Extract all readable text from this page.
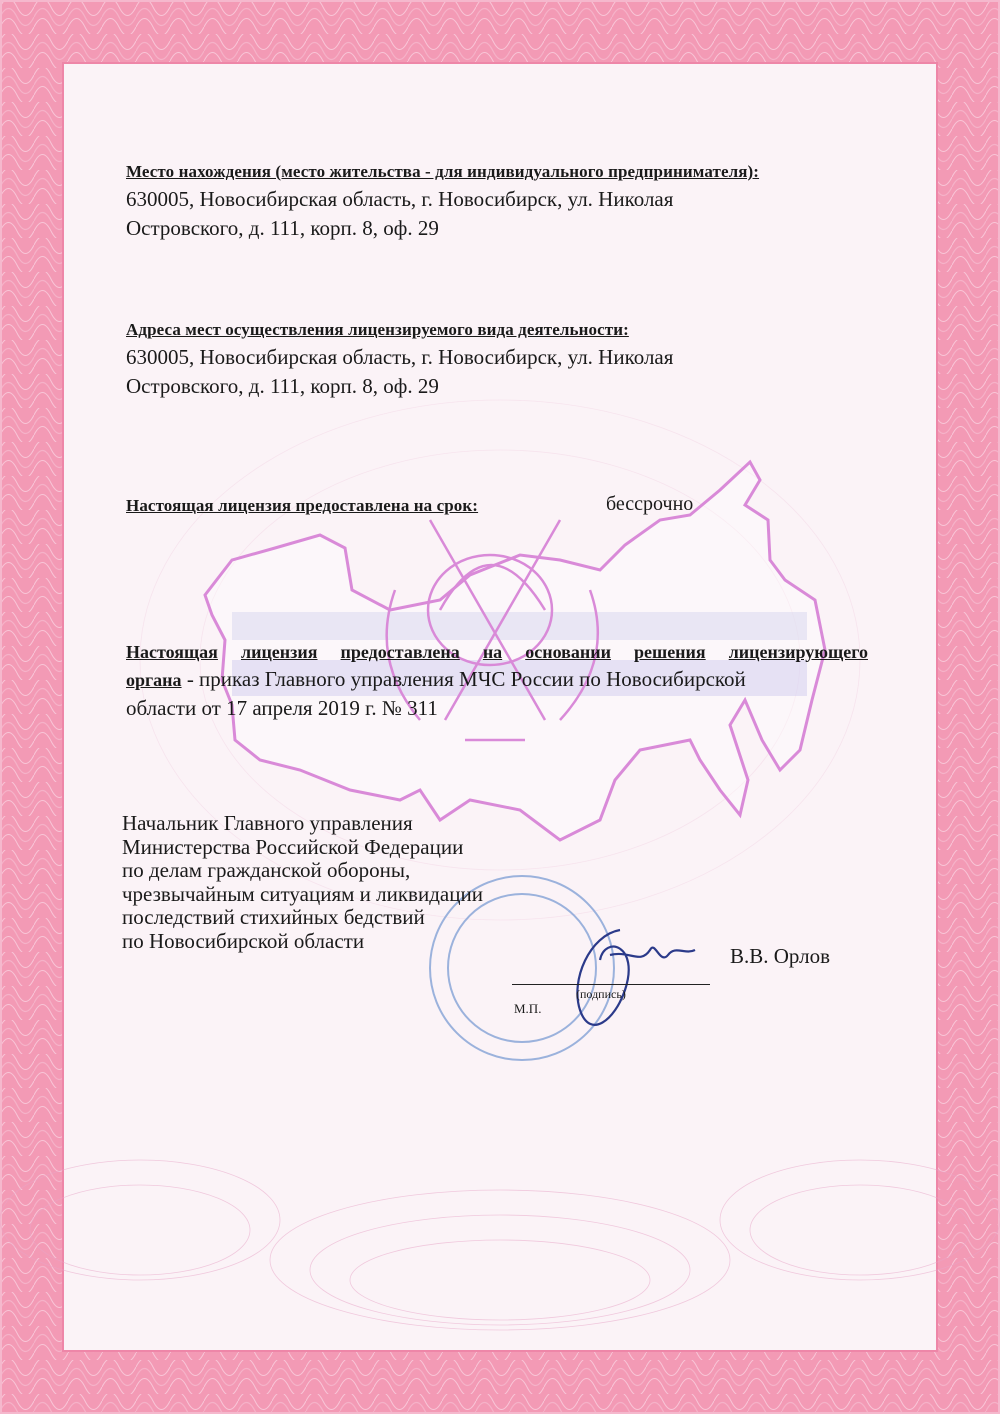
Место нахождения (место жительства - для индивидуального предпринимателя):
630005, Новосибирская область, г. Новосибирск, ул. Николая
Островского, д. 111, корп. 8, оф. 29
Адреса мест осуществления лицензируемого вида деятельности:
630005, Новосибирская область, г. Новосибирск, ул. Николая
Островского, д. 111, корп. 8, оф. 29
Настоящая лицензия предоставлена на срок:	бессрочно
Настоящая лицензия предоставлена на основании решения лицензирующего
органа - приказ Главного управления МЧС России по Новосибирской
области от 17 апреля 2019 г. № 311
Начальник Главного управления
Министерства Российской Федерации
по делам гражданской обороны,
чрезвычайным ситуациям и ликвидации
последствий стихийных бедствий
по Новосибирской области
(подпись)
М.П.
В.В. Орлов
